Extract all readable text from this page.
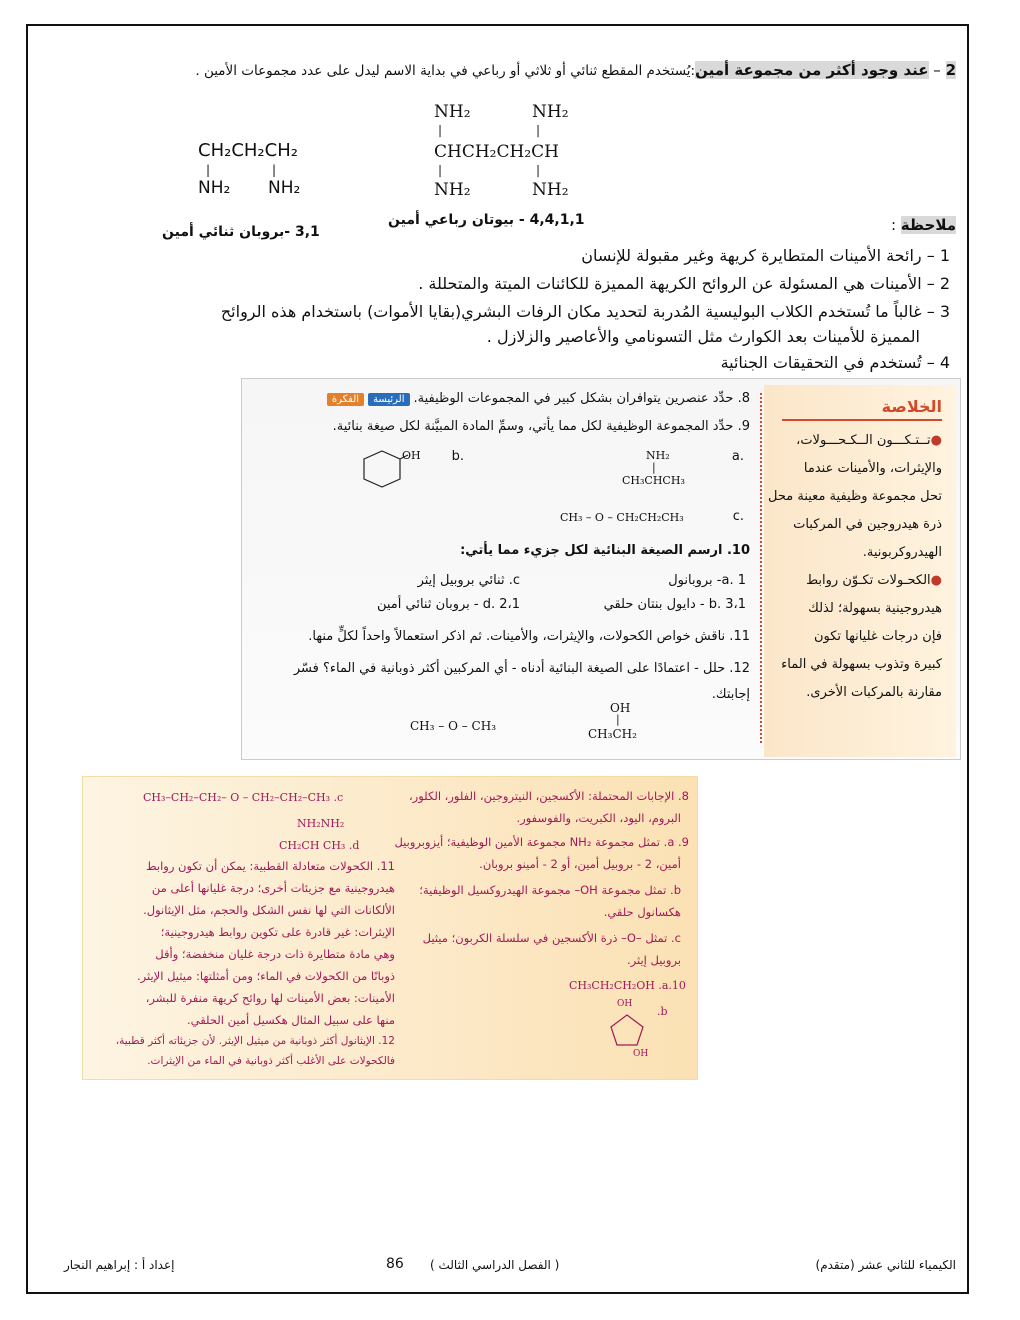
2 – عند وجود أكثر من مجموعة أمين:يُستخدم المقطع ثنائي أو ثلاثي أو رباعي في بداية الاسم ليدل على عدد مجموعات الأمين .
CH₂CH₂CH₂
|	|
NH₂ NH₂
3,1 -بروبان ثنائي أمين
NH₂	NH₂
|	|
CHCH₂CH₂CH
|	|
NH₂	NH₂
4,4,1,1 - بيوتان رباعي أمين	ملاحظة :
1 – رائحة الأمينات المتطايرة كريهة وغير مقبولة للإنسان
2 – الأمينات هي المسئولة عن الروائح الكريهة المميزة للكائنات الميتة والمتحللة .
3 – غالباً ما تُستخدم الكلاب البوليسية المُدربة لتحديد مكان الرفات البشري(بقايا الأموات) باستخدام هذه الروائح
المميزة للأمينات بعد الكوارث مثل التسونامي والأعاصير والزلازل .
4 – تُستخدم في التحقيقات الجنائية
الخلاصة
●تــتـكـــون الــكـحـــولات،
والإيثرات، والأمينات عندما
تحل مجموعة وظيفية معينة محل
ذرة هيدروجين في المركبات
الهيدروكربونية.
●الكحـولات تكـوّن روابط
هيدروجينية بسهولة؛ لذلك
فإن درجات غليانها تكون
كبيرة وتذوب بسهولة في الماء
مقارنة بالمركبات الأخرى.
8. حدِّد عنصرين يتوافران بشكل كبير في المجموعات الوظيفية.الرئيسةالفكرة
9. حدِّد المجموعة الوظيفية لكل مما يأتي، وسمِّ المادة المبيَّنة لكل صيغة بنائية.
.a
NH₂
|
CH₃CHCH₃
.b
OH
.c
CH₃ – O – CH₂CH₂CH₃
10. ارسم الصيغة البنائية لكل جزيء مما يأتي:
a. 1- بروبانول
c. ثنائي بروبيل إيثر
b. 3،1 - دايول بنتان حلقي
d. 2،1 - بروبان ثنائي أمين
11. ناقش خواص الكحولات، والإيثرات، والأمينات. ثم اذكر استعمالاً واحداً لكلٍّ منها.
12. حلل - اعتمادًا على الصيغة البنائية أدناه - أي المركبين أكثر ذوبانية في الماء؟ فسّر
إجابتك.
CH₃ – O – CH₃
OH
|
CH₃CH₂
8. الإجابات المحتملة: الأكسجين، النيتروجين، الفلور، الكلور،
البروم، اليود، الكبريت، والفوسفور.
a .9. تمثل مجموعة NH₂ مجموعة الأمين الوظيفية؛ أيزوبروبيل
أمين، 2 - بروبيل أمين، أو 2 - أمينو بروبان.
b. تمثل مجموعة OH– مجموعة الهيدروكسيل الوظيفية؛
هكسانول حلقي.
c. تمثل –O– ذرة الأكسجين في سلسلة الكربون؛ ميثيل
بروبيل إيثر.
CH₃CH₂CH₂OH .a.10
.b
OH
OH
CH₃–CH₂–CH₂– O – CH₂–CH₂–CH₃ .c
NH₂NH₂
CH₂CH CH₃ .d
11. الكحولات متعادلة القطبية: يمكن أن تكون روابط
هيدروجينية مع جزيئات أخرى؛ درجة غليانها أعلى من
الألكانات التي لها نفس الشكل والحجم، مثل الإيثانول.
الإيثرات: غير قادرة على تكوين روابط هيدروجينية؛
وهي مادة متطايرة ذات درجة غليان منخفضة؛ وأقل
ذوبانًا من الكحولات في الماء؛ ومن أمثلتها: ميثيل الإيثر.
الأمينات: بعض الأمينات لها روائح كريهة منفرة للبشر،
منها على سبيل المثال هكسيل أمين الحلقي.
12. الإيثانول أكثر ذوبانية من ميثيل الإيثر. لأن جزيئاته أكثر قطبية،
فالكحولات على الأغلب أكثر ذوبانية في الماء من الإيثرات.
الكيمياء للثاني عشر (متقدم)
( الفصل الدراسي الثالث )
86
إعداد أ : إبراهيم النجار
